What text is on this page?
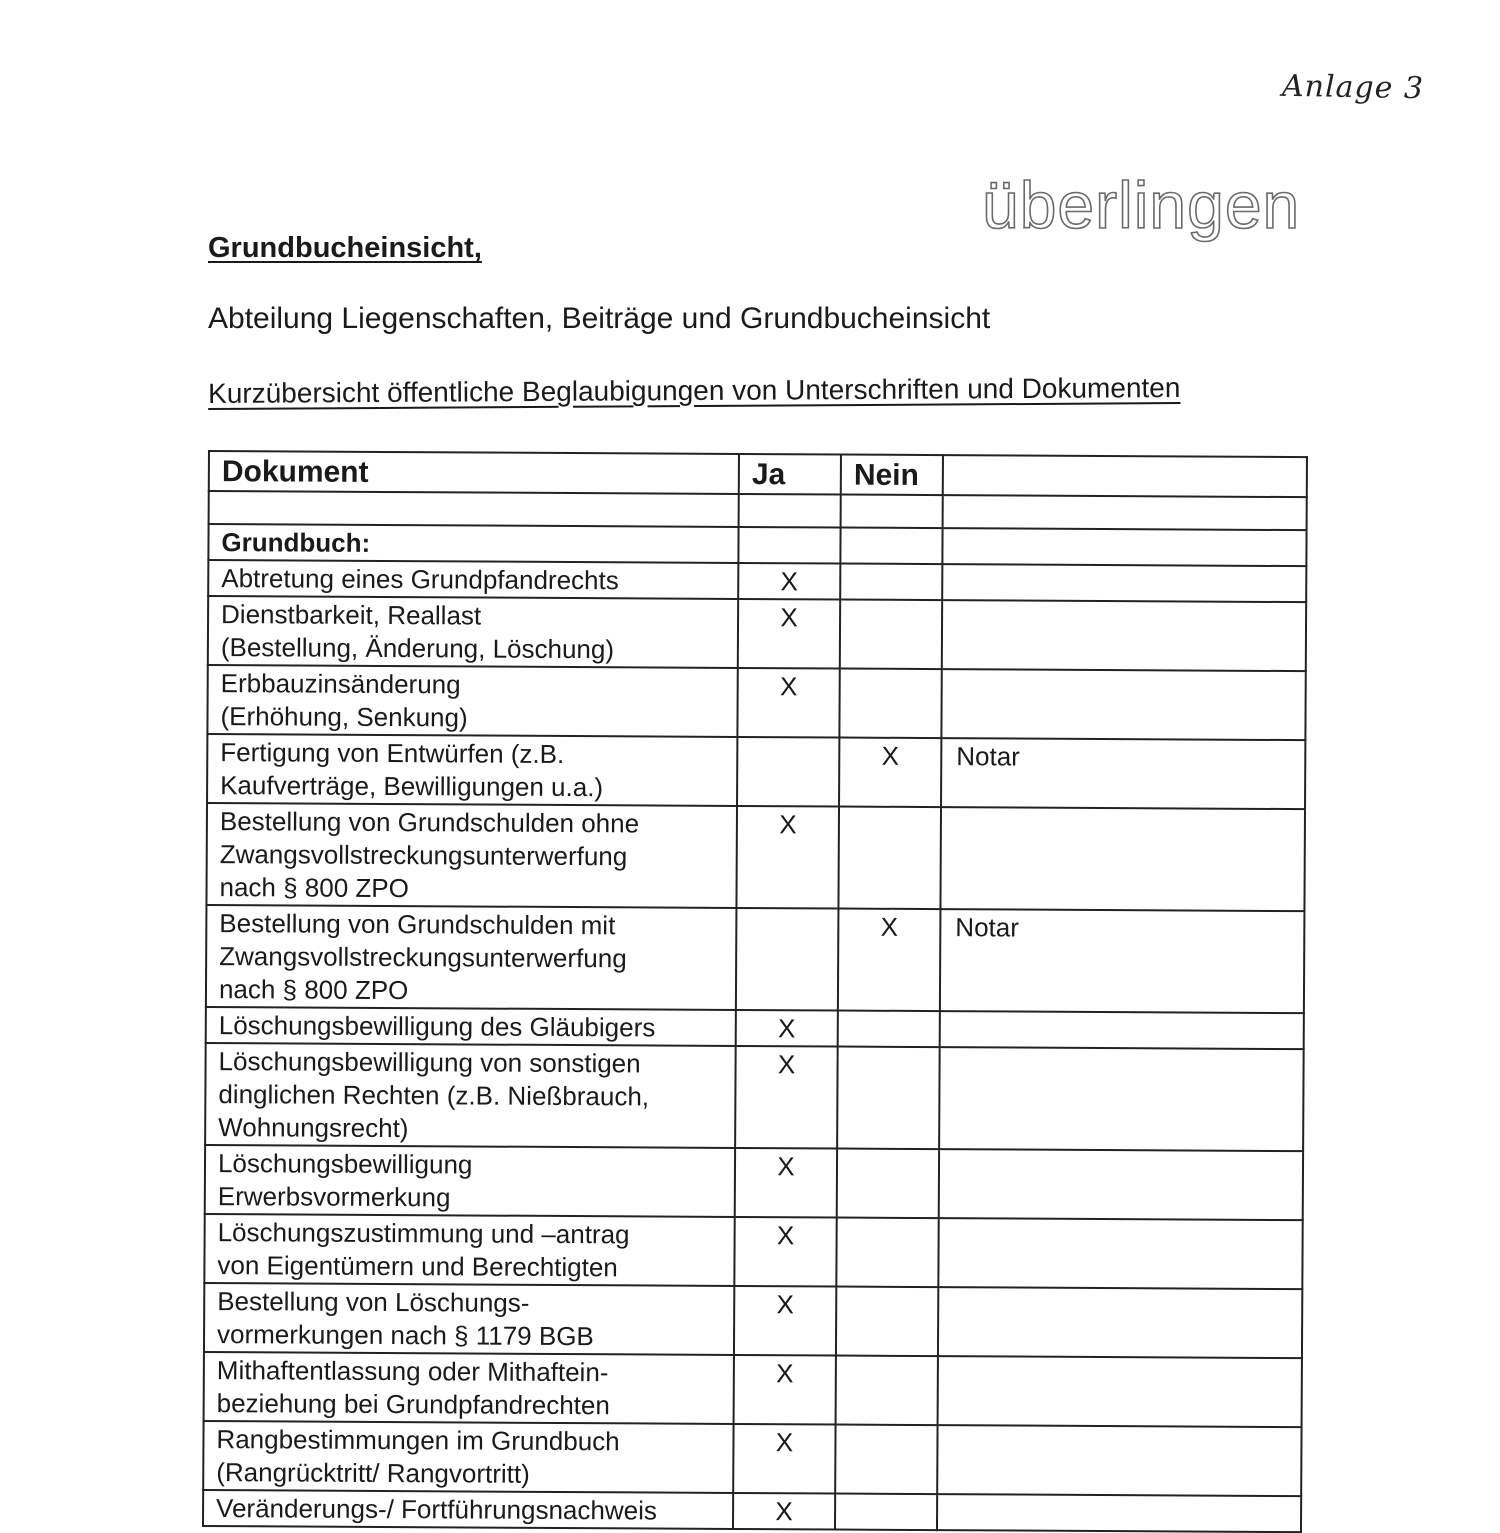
Anlage 3
überlingen
Grundbucheinsicht,
Abteilung Liegenschaften, Beiträge und Grundbucheinsicht
Kurzübersicht öffentliche Beglaubigungen von Unterschriften und Dokumenten
Dokument	Ja	Nein	

Grundbuch:			
Abtretung eines Grundpfandrechts	X		
Dienstbarkeit, Reallast
(Bestellung, Änderung, Löschung)	X		
Erbbauzinsänderung
(Erhöhung, Senkung)	X		
Fertigung von Entwürfen (z.B.
Kaufverträge, Bewilligungen u.a.)		X	Notar
Bestellung von Grundschulden ohne
Zwangsvollstreckungsunterwerfung
nach § 800 ZPO	X		
Bestellung von Grundschulden mit
Zwangsvollstreckungsunterwerfung
nach § 800 ZPO		X	Notar
Löschungsbewilligung des Gläubigers	X		
Löschungsbewilligung von sonstigen
dinglichen Rechten (z.B. Nießbrauch,
Wohnungsrecht)	X		
Löschungsbewilligung
Erwerbsvormerkung	X		
Löschungszustimmung und –antrag
von Eigentümern und Berechtigten	X		
Bestellung von Löschungs-
vormerkungen nach § 1179 BGB	X		
Mithaftentlassung oder Mithaftein-
beziehung bei Grundpfandrechten	X		
Rangbestimmungen im Grundbuch
(Rangrücktritt/ Rangvortritt)	X		
Veränderungs-/ Fortführungsnachweis	X		
